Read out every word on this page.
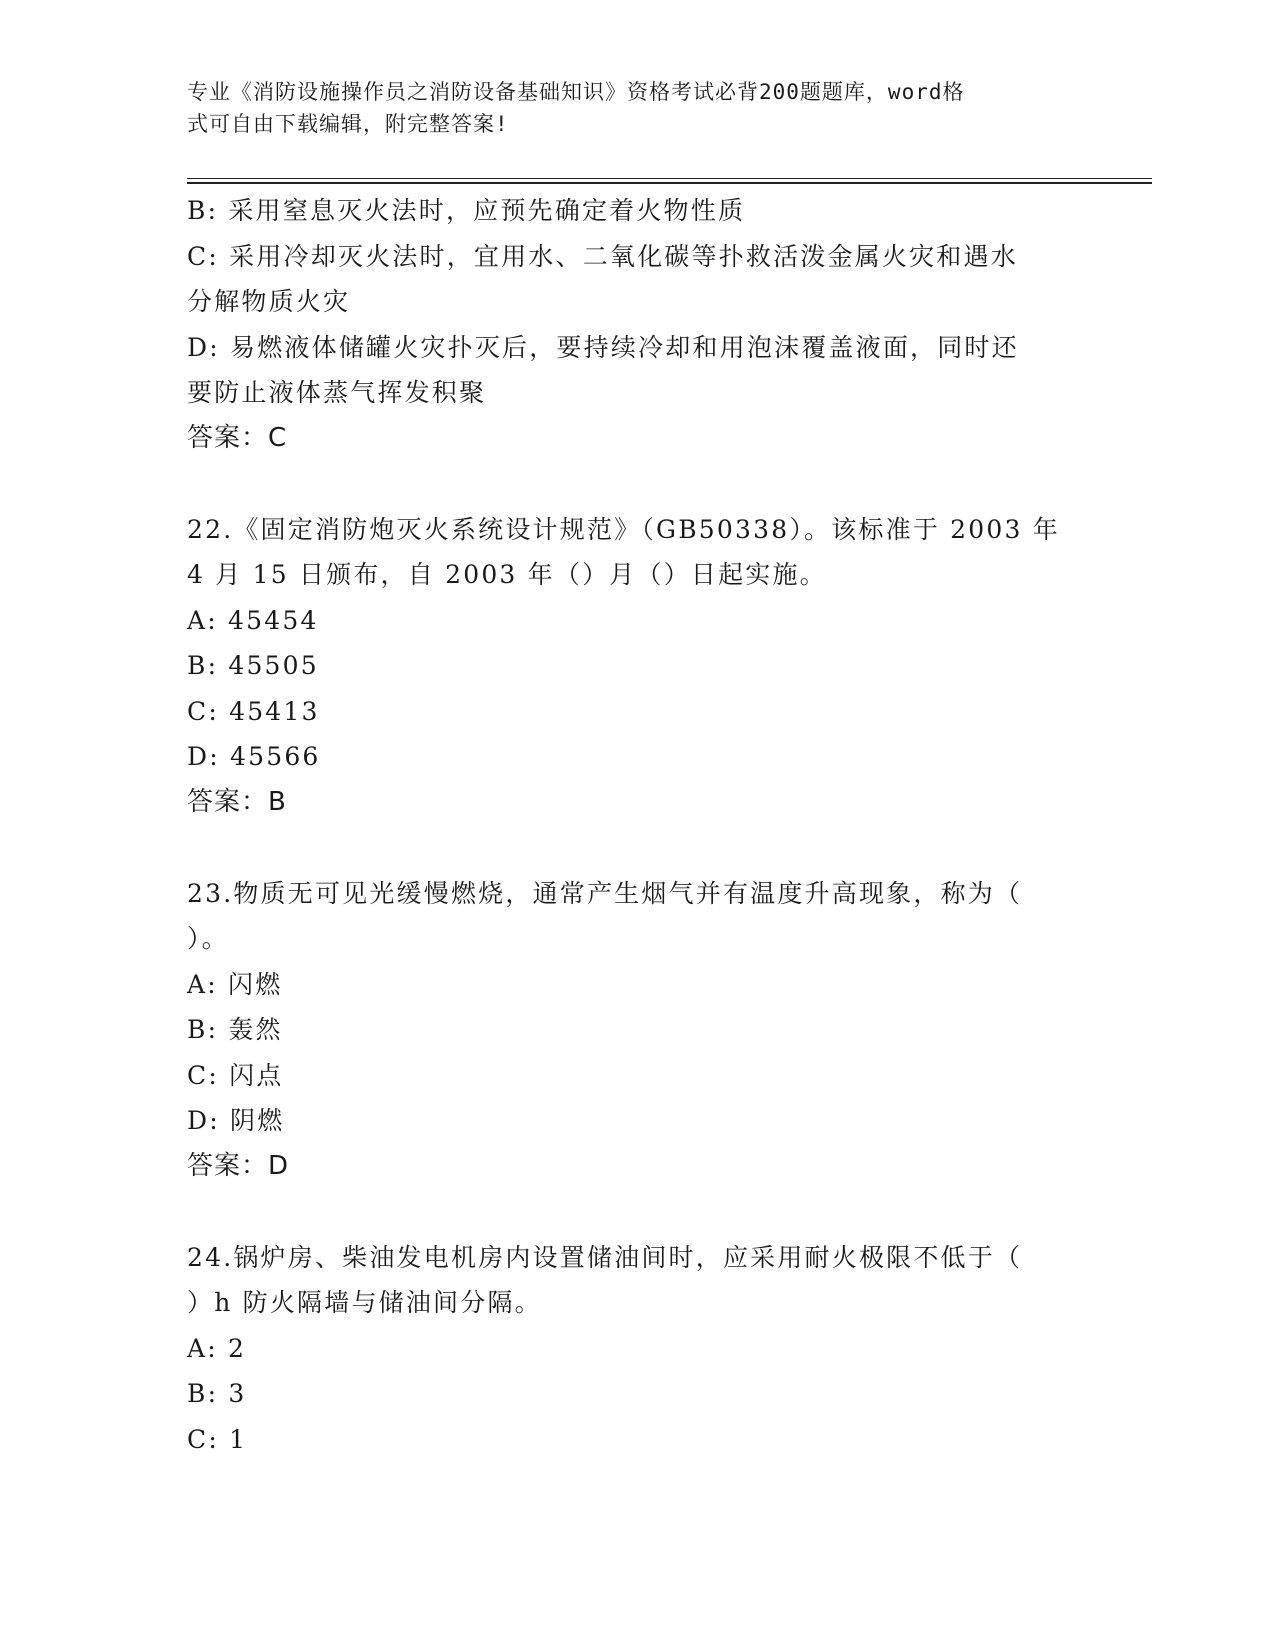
专业《消防设施操作员之消防设备基础知识》资格考试必背200题题库，word格
式可自由下载编辑，附完整答案!
B: 采用窒息灭火法时，应预先确定着火物性质
C: 采用冷却灭火法时，宜用水、二氧化碳等扑救活泼金属火灾和遇水
分解物质火灾
D: 易燃液体储罐火灾扑灭后，要持续冷却和用泡沫覆盖液面，同时还
要防止液体蒸气挥发积聚
答案：C
22.《固定消防炮灭火系统设计规范》（GB50338）。该标准于 2003 年
4 月 15 日颁布，自 2003 年（）月（）日起实施。
A: 45454
B: 45505
C: 45413
D: 45566
答案：B
23.物质无可见光缓慢燃烧，通常产生烟气并有温度升高现象，称为（
）。
A: 闪燃
B: 轰然
C: 闪点
D: 阴燃
答案：D
24.锅炉房、柴油发电机房内设置储油间时，应采用耐火极限不低于（
）h 防火隔墙与储油间分隔。
A: 2
B: 3
C: 1
